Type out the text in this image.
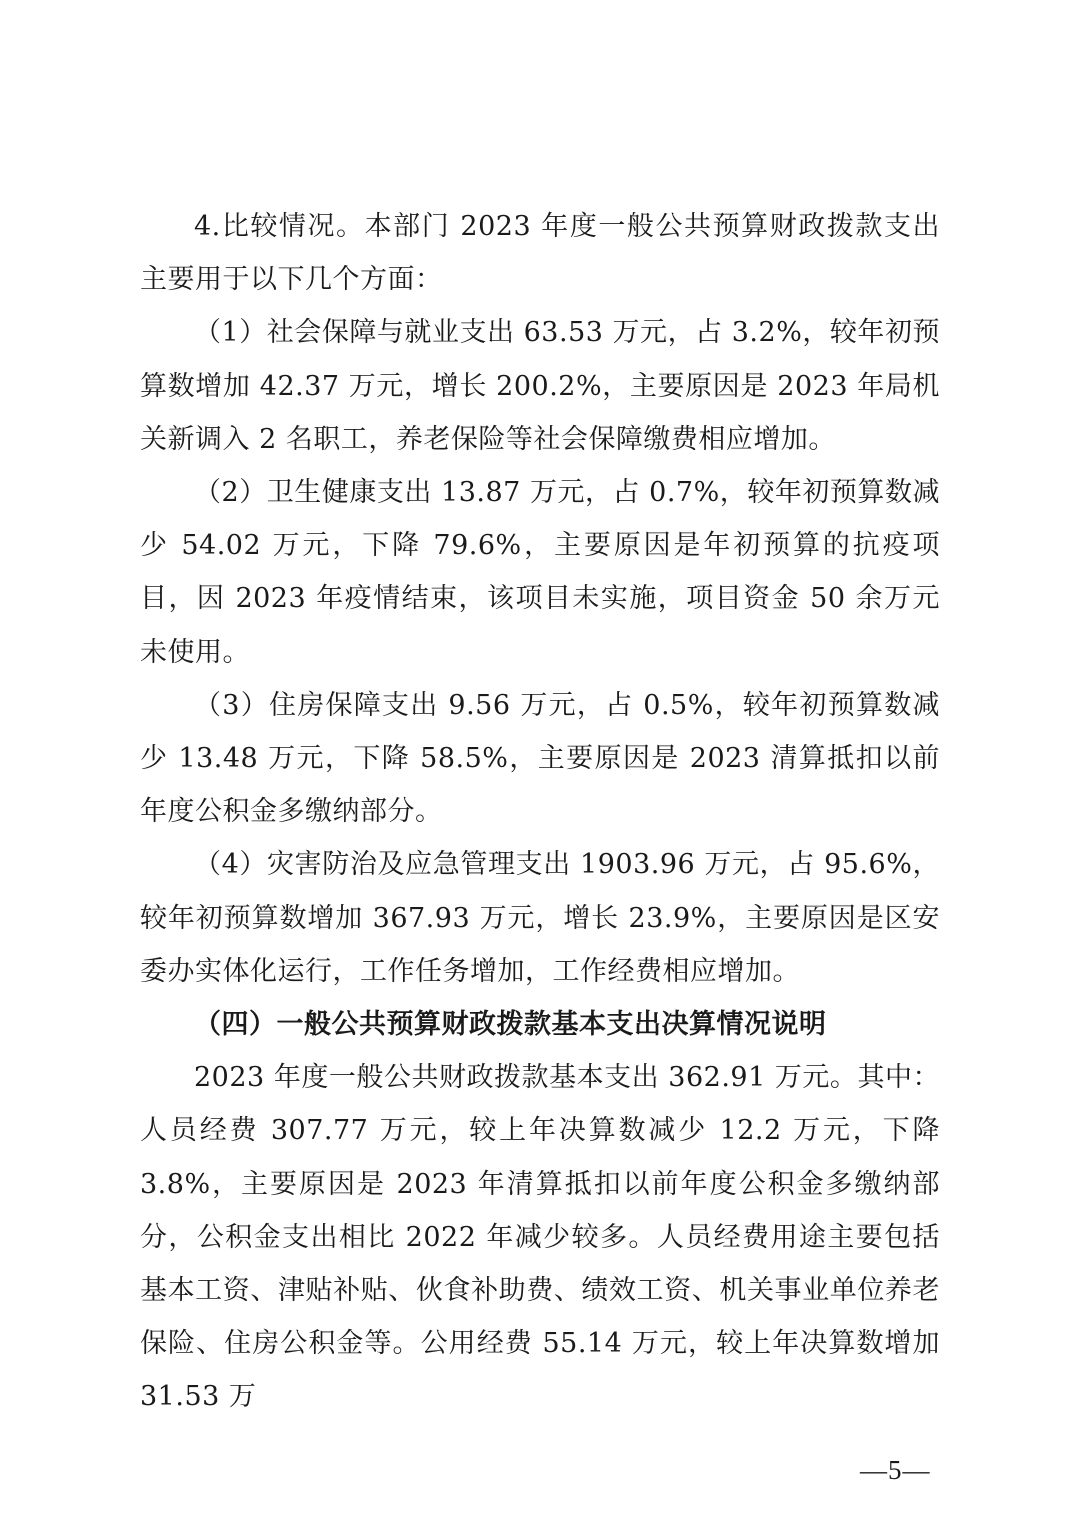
4.比较情况。本部门 2023 年度一般公共预算财政拨款支出主要用于以下几个方面：

（1）社会保障与就业支出 63.53 万元，占 3.2%，较年初预算数增加 42.37 万元，增长 200.2%，主要原因是 2023 年局机关新调入 2 名职工，养老保险等社会保障缴费相应增加。

（2）卫生健康支出 13.87 万元，占 0.7%，较年初预算数减少 54.02 万元，下降 79.6%，主要原因是年初预算的抗疫项目，因 2023 年疫情结束，该项目未实施，项目资金 50 余万元未使用。

（3）住房保障支出 9.56 万元，占 0.5%，较年初预算数减少 13.48 万元，下降 58.5%，主要原因是 2023 清算抵扣以前年度公积金多缴纳部分。

（4）灾害防治及应急管理支出 1903.96 万元，占 95.6%，较年初预算数增加 367.93 万元，增长 23.9%，主要原因是区安委办实体化运行，工作任务增加，工作经费相应增加。

（四）一般公共预算财政拨款基本支出决算情况说明

2023 年度一般公共财政拨款基本支出 362.91 万元。其中：人员经费 307.77 万元，较上年决算数减少 12.2 万元，下降 3.8%，主要原因是 2023 年清算抵扣以前年度公积金多缴纳部分，公积金支出相比 2022 年减少较多。人员经费用途主要包括基本工资、津贴补贴、伙食补助费、绩效工资、机关事业单位养老保险、住房公积金等。公用经费 55.14 万元，较上年决算数增加 31.53 万

—5—
